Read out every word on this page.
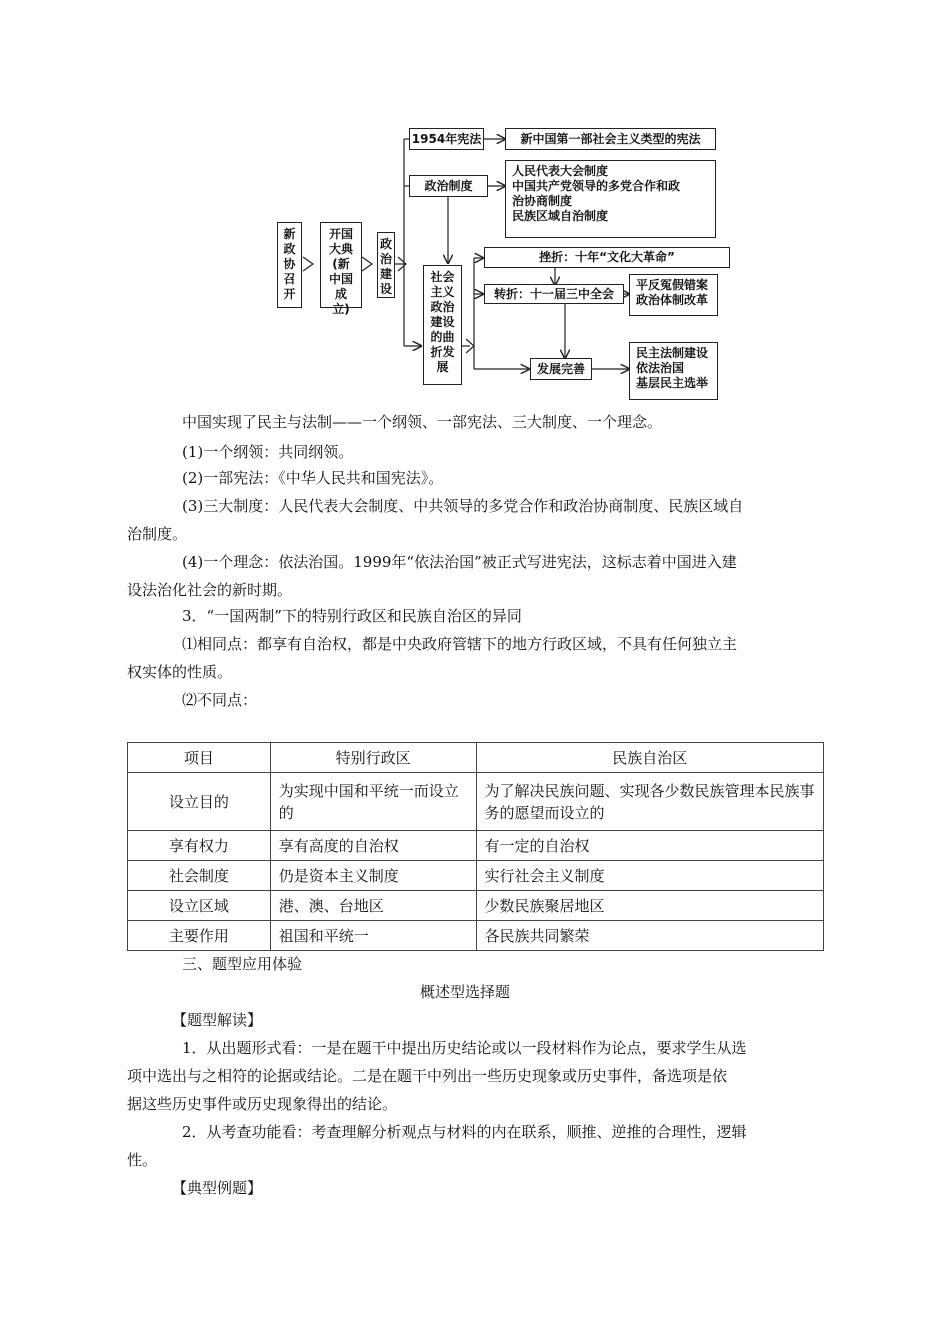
新政协召开
开国大典(新中国成立)
政治建设
1954年宪法	新中国第一部社会主义类型的宪法
政治制度
人民代表大会制度
中国共产党领导的多党合作和政
治协商制度
民族区域自治制度
社会主义政治建设的曲折发展
挫折：十年“文化大革命”
转折：十一届三中全会
平反冤假错案
政治体制改革
发展完善
民主法制建设
依法治国
基层民主选举
中国实现了民主与法制——一个纲领、一部宪法、三大制度、一个理念。
(1)一个纲领：共同纲领。
(2)一部宪法：《中华人民共和国宪法》。
(3)三大制度：人民代表大会制度、中共领导的多党合作和政治协商制度、民族区域自
治制度。
(4)一个理念：依法治国。1999年“依法治国”被正式写进宪法，这标志着中国进入建
设法治化社会的新时期。
3．“一国两制”下的特别行政区和民族自治区的异同
⑴相同点：都享有自治权，都是中央政府管辖下的地方行政区域，不具有任何独立主
权实体的性质。
⑵不同点：
项目	特别行政区	民族自治区
设立目的	为实现中国和平统一而设立的	为了解决民族问题、实现各少数民族管理本民族事务的愿望而设立的
享有权力	享有高度的自治权	有一定的自治权
社会制度	仍是资本主义制度	实行社会主义制度
设立区域	港、澳、台地区	少数民族聚居地区
主要作用	祖国和平统一	各民族共同繁荣
三、题型应用体验
概述型选择题
【题型解读】
1．从出题形式看：一是在题干中提出历史结论或以一段材料作为论点，要求学生从选
项中选出与之相符的论据或结论。二是在题干中列出一些历史现象或历史事件，备选项是依
据这些历史事件或历史现象得出的结论。
2．从考查功能看：考查理解分析观点与材料的内在联系，顺推、逆推的合理性，逻辑
性。
【典型例题】
